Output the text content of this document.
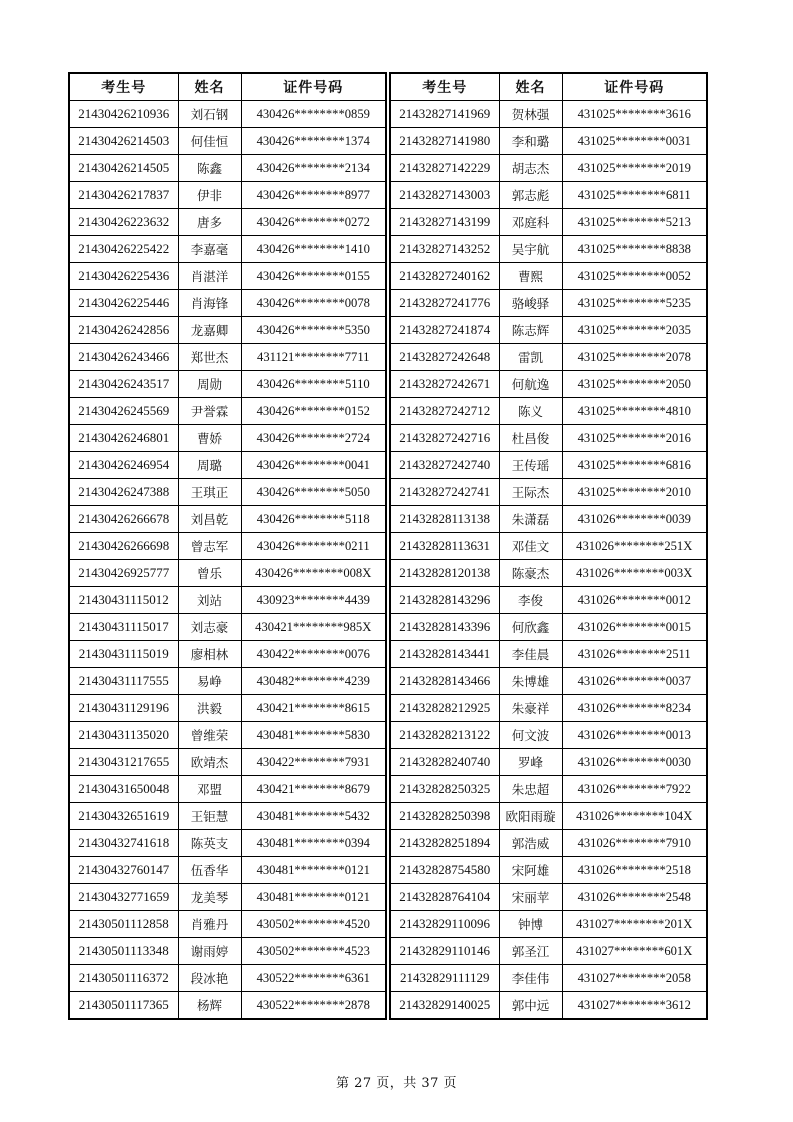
考生号	姓名	证件号码
21430426210936	刘石钢	430426********0859
21430426214503	何佳恒	430426********1374
21430426214505	陈鑫	430426********2134
21430426217837	伊非	430426********8977
21430426223632	唐多	430426********0272
21430426225422	李嘉毫	430426********1410
21430426225436	肖湛洋	430426********0155
21430426225446	肖海锋	430426********0078
21430426242856	龙嘉卿	430426********5350
21430426243466	郑世杰	431121********7711
21430426243517	周勋	430426********5110
21430426245569	尹誉霖	430426********0152
21430426246801	曹娇	430426********2724
21430426246954	周璐	430426********0041
21430426247388	王琪正	430426********5050
21430426266678	刘昌乾	430426********5118
21430426266698	曾志军	430426********0211
21430426925777	曾乐	430426********008X
21430431115012	刘站	430923********4439
21430431115017	刘志豪	430421********985X
21430431115019	廖相林	430422********0076
21430431117555	易峥	430482********4239
21430431129196	洪毅	430421********8615
21430431135020	曾维荣	430481********5830
21430431217655	欧靖杰	430422********7931
21430431650048	邓盟	430421********8679
21430432651619	王钜慧	430481********5432
21430432741618	陈英支	430481********0394
21430432760147	伍香华	430481********0121
21430432771659	龙美琴	430481********0121
21430501112858	肖雅丹	430502********4520
21430501113348	谢雨婷	430502********4523
21430501116372	段冰艳	430522********6361
21430501117365	杨辉	430522********2878
考生号	姓名	证件号码
21432827141969	贺林强	431025********3616
21432827141980	李和璐	431025********0031
21432827142229	胡志杰	431025********2019
21432827143003	郭志彪	431025********6811
21432827143199	邓庭科	431025********5213
21432827143252	吴宇航	431025********8838
21432827240162	曹熙	431025********0052
21432827241776	骆峻驿	431025********5235
21432827241874	陈志辉	431025********2035
21432827242648	雷凯	431025********2078
21432827242671	何航逸	431025********2050
21432827242712	陈义	431025********4810
21432827242716	杜昌俊	431025********2016
21432827242740	王传瑶	431025********6816
21432827242741	王际杰	431025********2010
21432828113138	朱潇磊	431026********0039
21432828113631	邓佳文	431026********251X
21432828120138	陈豪杰	431026********003X
21432828143296	李俊	431026********0012
21432828143396	何欣鑫	431026********0015
21432828143441	李佳晨	431026********2511
21432828143466	朱博雄	431026********0037
21432828212925	朱豪祥	431026********8234
21432828213122	何文波	431026********0013
21432828240740	罗峰	431026********0030
21432828250325	朱忠超	431026********7922
21432828250398	欧阳雨璇	431026********104X
21432828251894	郭浩威	431026********7910
21432828754580	宋阿雄	431026********2518
21432828764104	宋丽苹	431026********2548
21432829110096	钟博	431027********201X
21432829110146	郭圣江	431027********601X
21432829111129	李佳伟	431027********2058
21432829140025	郭中远	431027********3612
第 27 页，共 37 页
